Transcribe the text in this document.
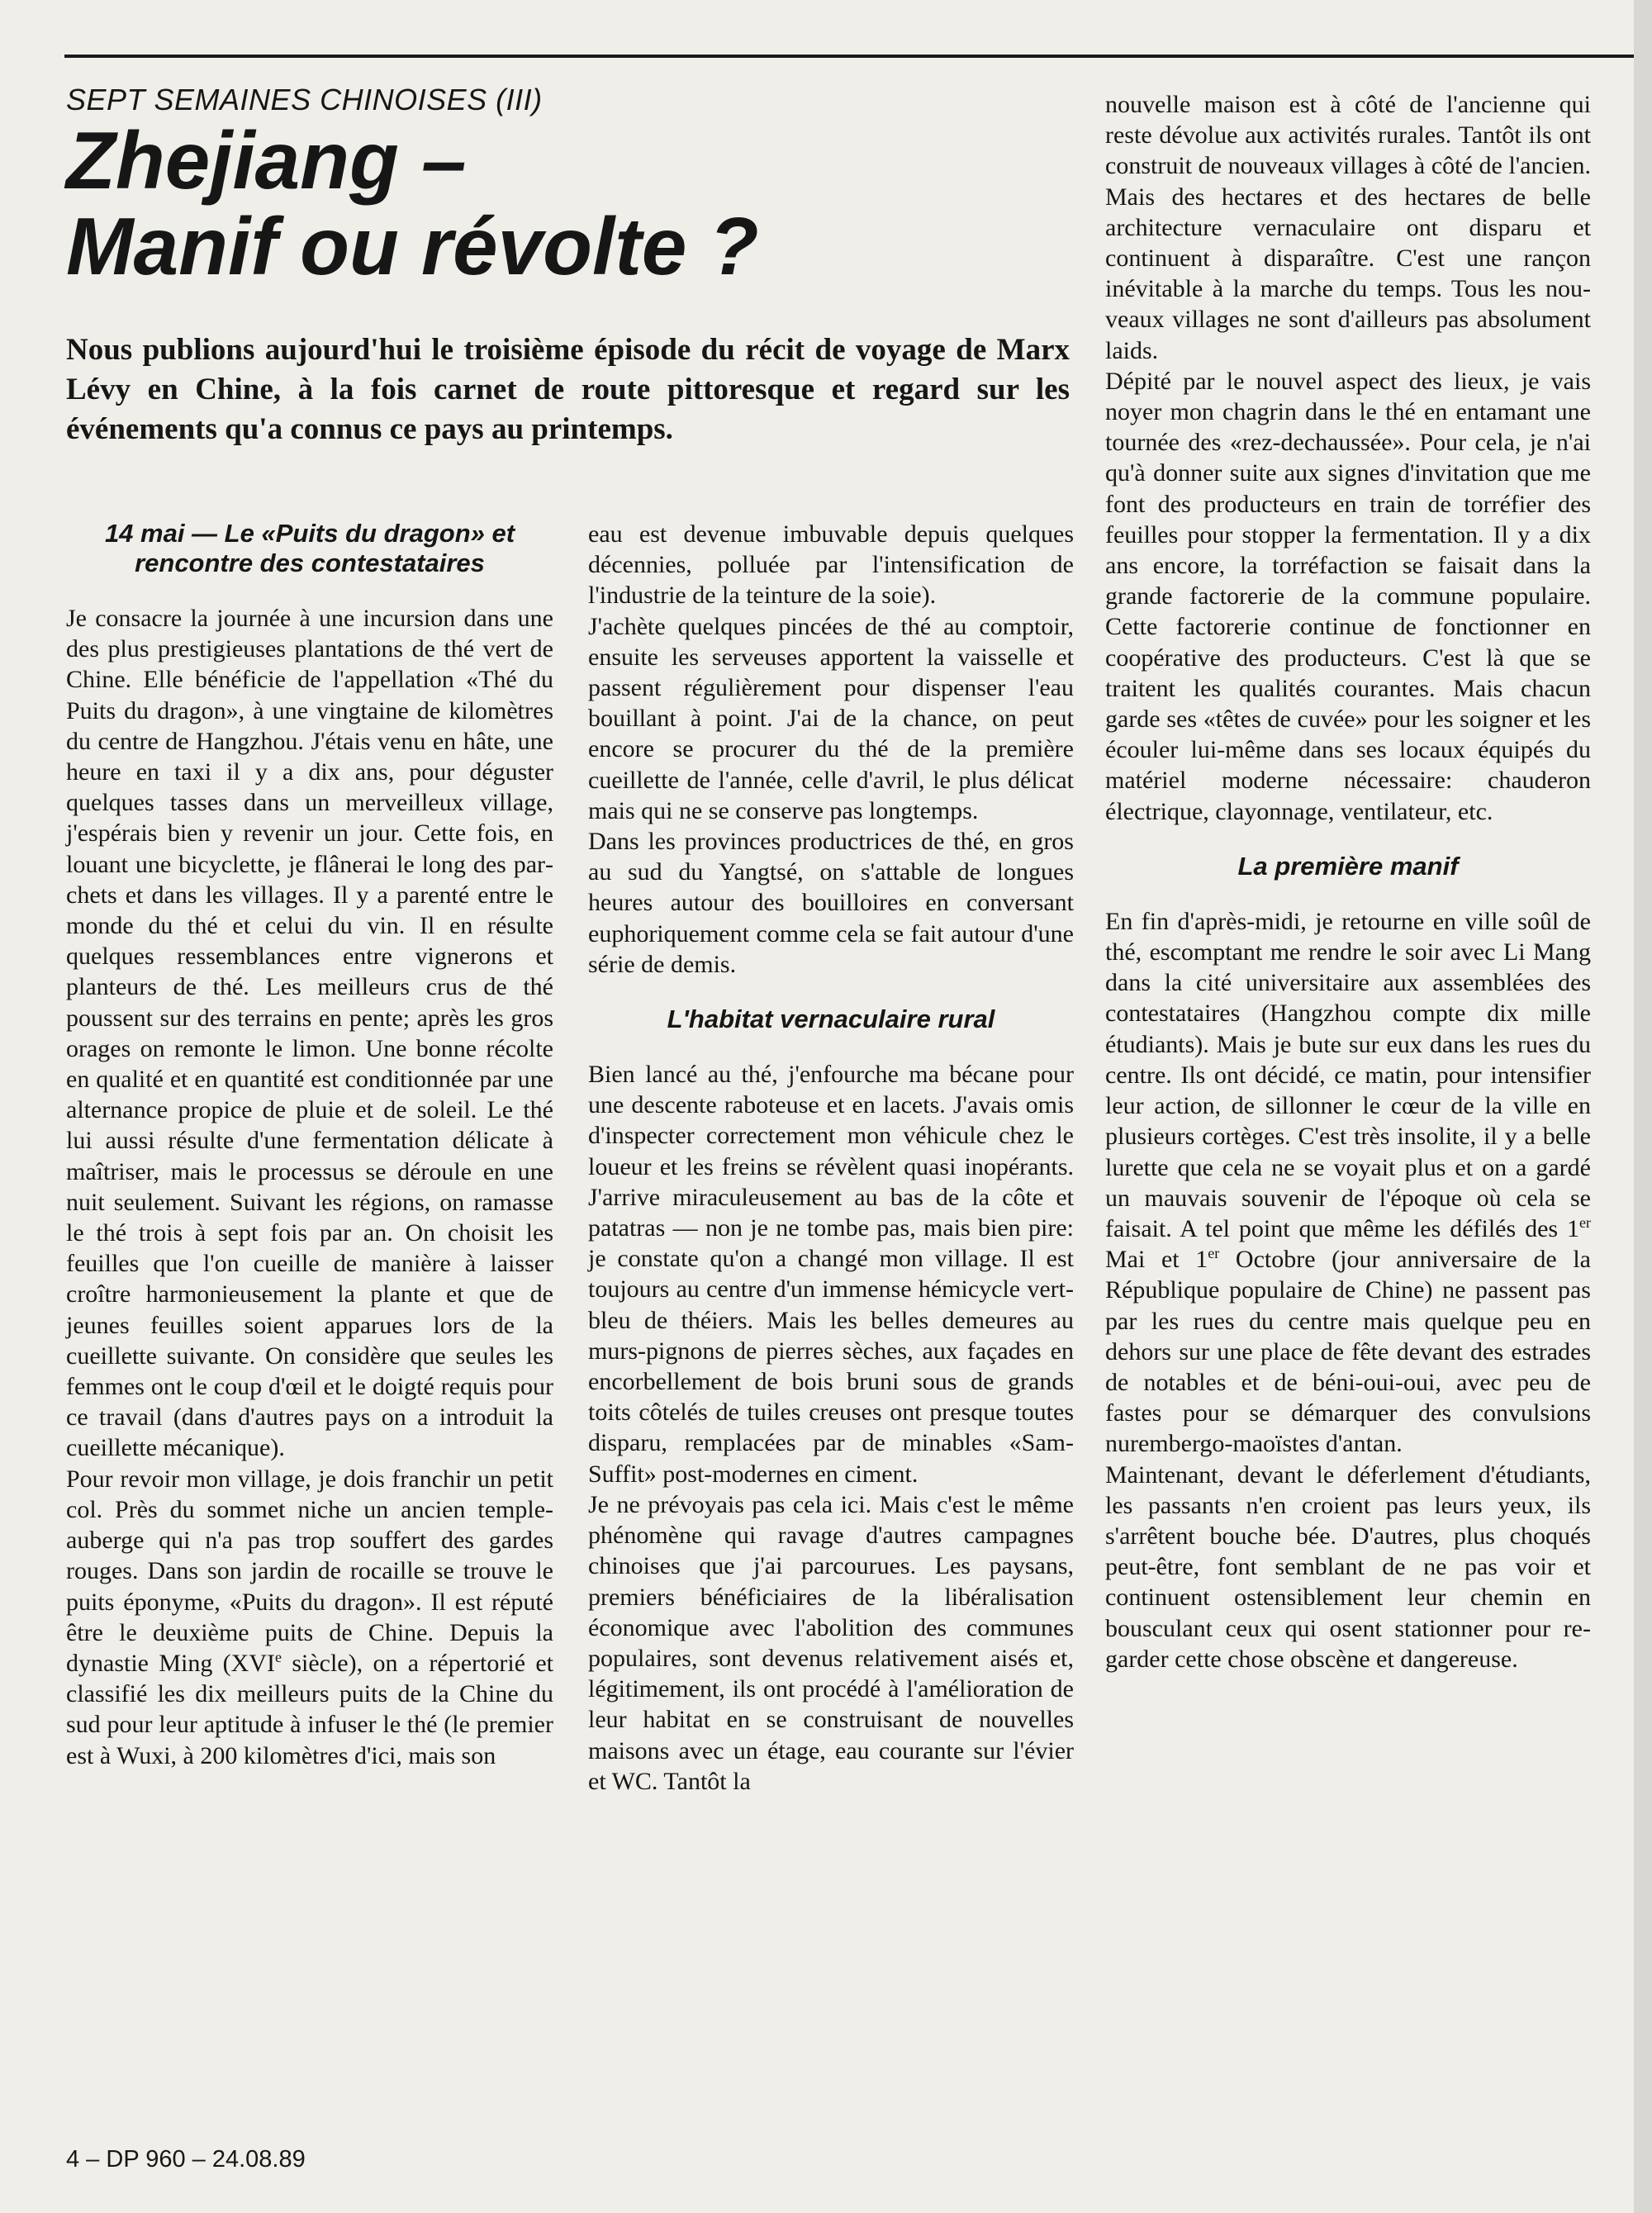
SEPT SEMAINES CHINOISES (III)
Zhejiang –
Manif ou révolte ?
Nous publions aujourd'hui le troisième épisode du récit de voyage de Marx Lévy en Chine, à la fois carnet de route pittoresque et regard sur les événements qu'a connus ce pays au printemps.
14 mai — Le «Puits du dragon» et
rencontre des contestataires

Je consacre la journée à une incursion dans une des plus prestigieuses plantations de thé vert de Chine. Elle bénéficie de l'appellation «Thé du Puits du dragon», à une vingtaine de kilomètres du centre de Hangzhou. J'étais venu en hâte, une heure en taxi il y a dix ans, pour déguster quelques tasses dans un merveilleux village, j'espérais bien y revenir un jour. Cette fois, en louant une bicyclette, je flânerai le long des parchets et dans les villages. Il y a parenté entre le monde du thé et celui du vin. Il en résulte quelques ressemblances entre vignerons et planteurs de thé. Les meilleurs crus de thé poussent sur des terrains en pente; après les gros orages on remonte le limon. Une bonne récolte en qualité et en quantité est conditionnée par une alternance propice de pluie et de soleil. Le thé lui aussi résulte d'une fermentation délicate à maîtriser, mais le processus se déroule en une nuit seulement. Suivant les régions, on ramasse le thé trois à sept fois par an. On choisit les feuilles que l'on cueille de manière à laisser croître harmonieusement la plante et que de jeunes feuilles soient apparues lors de la cueillette suivante. On considère que seules les femmes ont le coup d'œil et le doigté requis pour ce travail (dans d'autres pays on a introduit la cueillette mécanique).

Pour revoir mon village, je dois franchir un petit col. Près du sommet niche un ancien temple-auberge qui n'a pas trop souffert des gardes rouges. Dans son jardin de rocaille se trouve le puits éponyme, «Puits du dragon». Il est réputé être le deuxième puits de Chine. Depuis la dynastie Ming (XVIe siècle), on a répertorié et classifié les dix meilleurs puits de la Chine du sud pour leur aptitude à infuser le thé (le premier est à Wuxi, à 200 kilomètres d'ici, mais son

eau est devenue imbuvable depuis quelques décennies, polluée par l'intensification de l'industrie de la teinture de la soie).

J'achète quelques pincées de thé au comptoir, ensuite les serveuses apportent la vaisselle et passent régulièrement pour dispenser l'eau bouillant à point. J'ai de la chance, on peut encore se procurer du thé de la première cueillette de l'année, celle d'avril, le plus délicat mais qui ne se conserve pas longtemps.

Dans les provinces productrices de thé, en gros au sud du Yangtsé, on s'attable de longues heures autour des bouilloires en conversant euphoriquement comme cela se fait autour d'une série de demis.

L'habitat vernaculaire rural

Bien lancé au thé, j'enfourche ma bécane pour une descente raboteuse et en lacets. J'avais omis d'inspecter correctement mon véhicule chez le loueur et les freins se révèlent quasi inopérants. J'arrive miraculeusement au bas de la côte et patatras — non je ne tombe pas, mais bien pire: je constate qu'on a changé mon village. Il est toujours au centre d'un immense hémicycle vert-bleu de théiers. Mais les belles demeures au murs-pignons de pierres sèches, aux façades en encorbellement de bois bruni sous de grands toits côtelés de tuiles creuses ont presque toutes disparu, remplacées par de minables «Sam-Suffit» post-modernes en ciment.

Je ne prévoyais pas cela ici. Mais c'est le même phénomène qui ravage d'autres campagnes chinoises que j'ai parcourues. Les paysans, premiers bénéficiaires de la libéralisation économique avec l'abolition des communes populaires, sont devenus relativement aisés et, légitimement, ils ont procédé à l'amélioration de leur habitat en se construisant de nouvelles maisons avec un étage, eau courante sur l'évier et WC. Tantôt la

nouvelle maison est à côté de l'ancienne qui reste dévolue aux activités rurales. Tantôt ils ont construit de nouveaux villages à côté de l'ancien. Mais des hectares et des hectares de belle architecture vernaculaire ont disparu et continuent à disparaître. C'est une rançon inévitable à la marche du temps. Tous les nouveaux villages ne sont d'ailleurs pas absolument laids.

Dépité par le nouvel aspect des lieux, je vais noyer mon chagrin dans le thé en entamant une tournée des «rez-dechaussée». Pour cela, je n'ai qu'à donner suite aux signes d'invitation que me font des producteurs en train de torréfier des feuilles pour stopper la fermentation. Il y a dix ans encore, la torréfaction se faisait dans la grande factorerie de la commune populaire. Cette factorerie continue de fonctionner en coopérative des producteurs. C'est là que se traitent les qualités courantes. Mais chacun garde ses «têtes de cuvée» pour les soigner et les écouler lui-même dans ses locaux équipés du matériel moderne nécessaire: chauderon électrique, clayonnage, ventilateur, etc.

La première manif

En fin d'après-midi, je retourne en ville soûl de thé, escomptant me rendre le soir avec Li Mang dans la cité universitaire aux assemblées des contestataires (Hangzhou compte dix mille étudiants). Mais je bute sur eux dans les rues du centre. Ils ont décidé, ce matin, pour intensifier leur action, de sillonner le cœur de la ville en plusieurs cortèges. C'est très insolite, il y a belle lurette que cela ne se voyait plus et on a gardé un mauvais souvenir de l'époque où cela se faisait. A tel point que même les défilés des 1er Mai et 1er Octobre (jour anniversaire de la République populaire de Chine) ne passent pas par les rues du centre mais quelque peu en dehors sur une place de fête devant des estrades de notables et de béni-oui-oui, avec peu de fastes pour se démarquer des convulsions nurembergo-maoïstes d'antan.

Maintenant, devant le déferlement d'étudiants, les passants n'en croient pas leurs yeux, ils s'arrêtent bouche bée. D'autres, plus choqués peut-être, font semblant de ne pas voir et continuent ostensiblement leur chemin en bousculant ceux qui osent stationner pour regarder cette chose obscène et dangereuse.

4 – DP 960 – 24.08.89
